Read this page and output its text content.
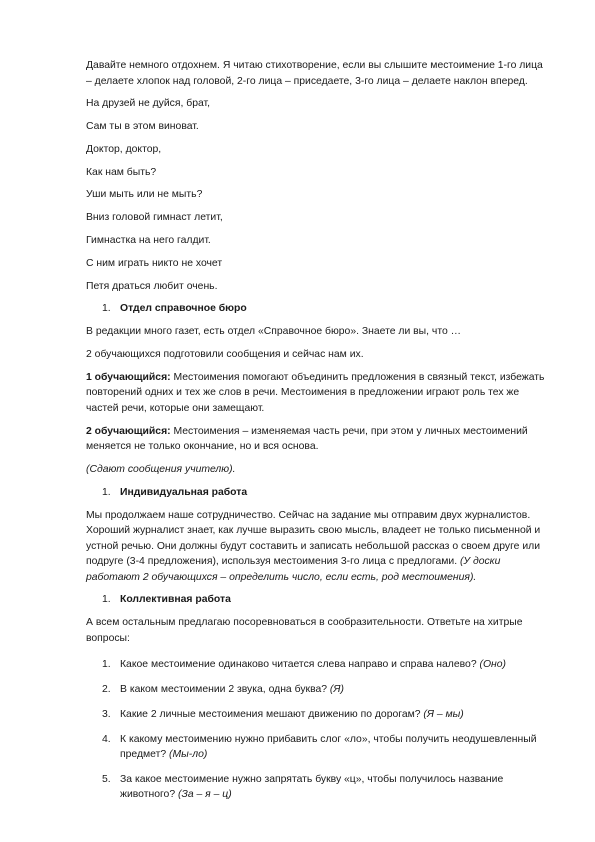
Давайте немного отдохнем. Я читаю стихотворение, если вы слышите местоимение 1-го лица – делаете хлопок над головой, 2-го лица – приседаете, 3-го лица – делаете наклон вперед.

На друзей не дуйся, брат,

Сам ты в этом виноват.

Доктор, доктор,

Как нам быть?

Уши мыть или не мыть?

Вниз головой гимнаст летит,

Гимнастка на него галдит.

С ним играть никто не хочет

Петя драться любит очень.

1. Отдел справочное бюро

В редакции много газет, есть отдел «Справочное бюро». Знаете ли вы, что …

2 обучающихся подготовили сообщения и сейчас нам их.

1 обучающийся: Местоимения помогают объединить предложения в связный текст, избежать повторений одних и тех же слов в речи. Местоимения в предложении играют роль тех же частей речи, которые они замещают.

2 обучающийся: Местоимения – изменяемая часть речи, при этом у личных местоимений меняется не только окончание, но и вся основа.

(Сдают сообщения учителю).

1. Индивидуальная работа

Мы продолжаем наше сотрудничество. Сейчас на задание мы отправим двух журналистов. Хороший журналист знает, как лучше выразить свою мысль, владеет не только письменной и устной речью. Они должны будут составить и записать небольшой рассказ о своем друге или подруге (3-4 предложения), используя местоимения 3-го лица с предлогами. (У доски работают 2 обучающихся – определить число, если есть, род местоимения).

1. Коллективная работа

А всем остальным предлагаю посоревноваться в сообразительности. Ответьте на хитрые вопросы:

1. Какое местоимение одинаково читается слева направо и справа налево? (Оно)
2. В каком местоимении 2 звука, одна буква? (Я)
3. Какие 2 личные местоимения мешают движению по дорогам? (Я – мы)
4. К какому местоимению нужно прибавить слог «ло», чтобы получить неодушевленный предмет? (Мы-ло)
5. За какое местоимение нужно запрятать букву «ц», чтобы получилось название животного? (За – я – ц)
